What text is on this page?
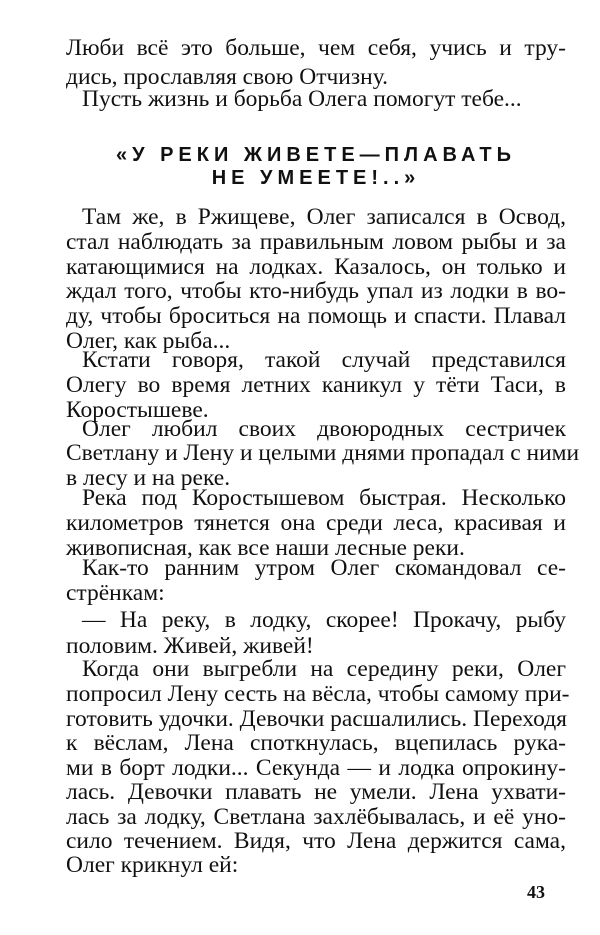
Люби всё это больше, чем себя, учись и тру-
дись, прославляя свою Отчизну.
Пусть жизнь и борьба Олега помогут тебе...
«У РЕКИ ЖИВЕТЕ—ПЛАВАТЬ
НЕ УМЕЕТЕ!..»
Там же, в Ржищеве, Олег записался в Освод,
стал наблюдать за правильным ловом рыбы и за
катающимися на лодках. Казалось, он только и
ждал того, чтобы кто-нибудь упал из лодки в во-
ду, чтобы броситься на помощь и спасти. Плавал
Олег, как рыба...
Кстати говоря, такой случай представился
Олегу во время летних каникул у тёти Таси, в
Коростышеве.
Олег любил своих двоюродных сестричек
Светлану и Лену и целыми днями пропадал с ними
в лесу и на реке.
Река под Коростышевом быстрая. Несколько
километров тянется она среди леса, красивая и
живописная, как все наши лесные реки.
Как-то ранним утром Олег скомандовал се-
стрёнкам:
— На реку, в лодку, скорее! Прокачу, рыбу
половим. Живей, живей!
Когда они выгребли на середину реки, Олег
попросил Лену сесть на вёсла, чтобы самому при-
готовить удочки. Девочки расшалились. Переходя
к вёслам, Лена споткнулась, вцепилась рука-
ми в борт лодки... Секунда — и лодка опрокину-
лась. Девочки плавать не умели. Лена ухвати-
лась за лодку, Светлана захлёбывалась, и её уно-
сило течением. Видя, что Лена держится сама,
Олег крикнул ей:
43
